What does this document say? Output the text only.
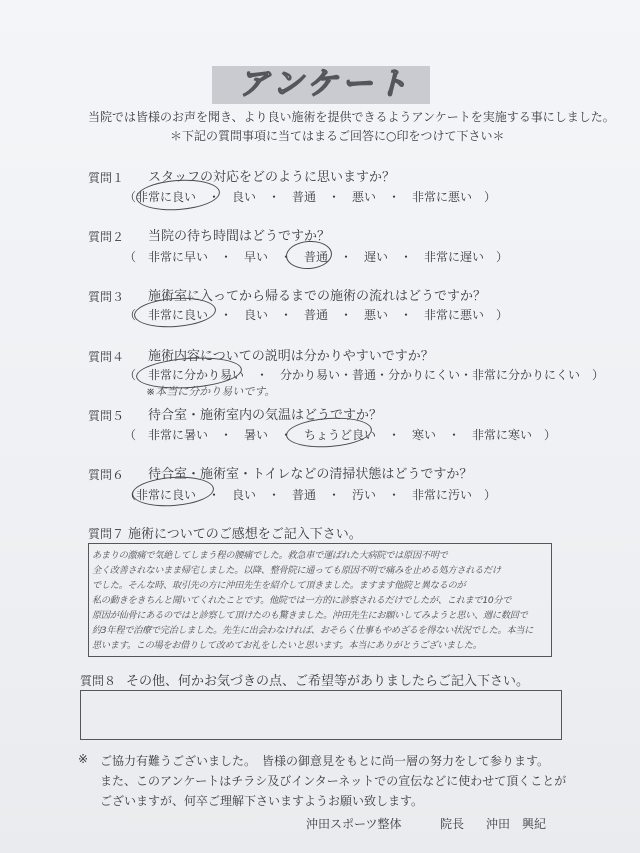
アンケート
当院では皆様のお声を聞き、より良い施術を提供できるようアンケートを実施する事にしました。
＊下記の質問事項に当てはまるご回答に○印をつけて下さい＊
質問１ スタッフの対応をどのように思いますか？
（非常に良い　・　良い　・　普通　・　悪い　・　非常に悪い　）
質問２ 当院の待ち時間はどうですか？
（　非常に早い　・　早い　・　普通　・　遅い　・　非常に遅い　）
質問３ 施術室に入ってから帰るまでの施術の流れはどうですか？
（　非常に良い　・　良い　・　普通　・　悪い　・　非常に悪い　）
質問４ 施術内容についての説明は分かりやすいですか？
（　非常に分かり易い　・　分かり易い・普通・分かりにくい・非常に分かりにくい　）
※本当に分かり易いです。
質問５ 待合室・施術室内の気温はどうですか？
（　非常に暑い　・　暑い　・　ちょうど良い　・　寒い　・　非常に寒い　）
質問６ 待合室・施術室・トイレなどの清掃状態はどうですか？
（非常に良い　・　良い　・　普通　・　汚い　・　非常に汚い　）
質問７ 施術についてのご感想をご記入下さい。
あまりの激痛で気絶してしまう程の腰痛でした。救急車で運ばれた大病院では原因不明で
全く改善されないまま帰宅しました。以降、整骨院に通っても原因不明で痛みを止める処方されるだけ
でした。そんな時、取引先の方に沖田先生を紹介して頂きました。ますます他院と異なるのが
私の動きをきちんと聞いてくれたことです。他院では一方的に診察されるだけでしたが、これまで10分で
原因が仙骨にあるのではと診察して頂けたのも驚きました。沖田先生にお願いしてみようと思い、週に数回で
約3年程で治療で完治しました。先生に出会わなければ、おそらく仕事もやめざるを得ない状況でした。本当に
思います。この場をお借りして改めてお礼をしたいと思います。本当にありがとうございました。
質問８ その他、何かお気づきの点、ご希望等がありましたらご記入下さい。
※ ご協力有難うございました。　皆様の御意見をもとに尚一層の努力をして参ります。
また、このアンケートはチラシ及びインターネットでの宣伝などに使わせて頂くことが
ございますが、何卒ご理解下さいますようお願い致します。
沖田スポーツ整体	院長 沖田　興紀
